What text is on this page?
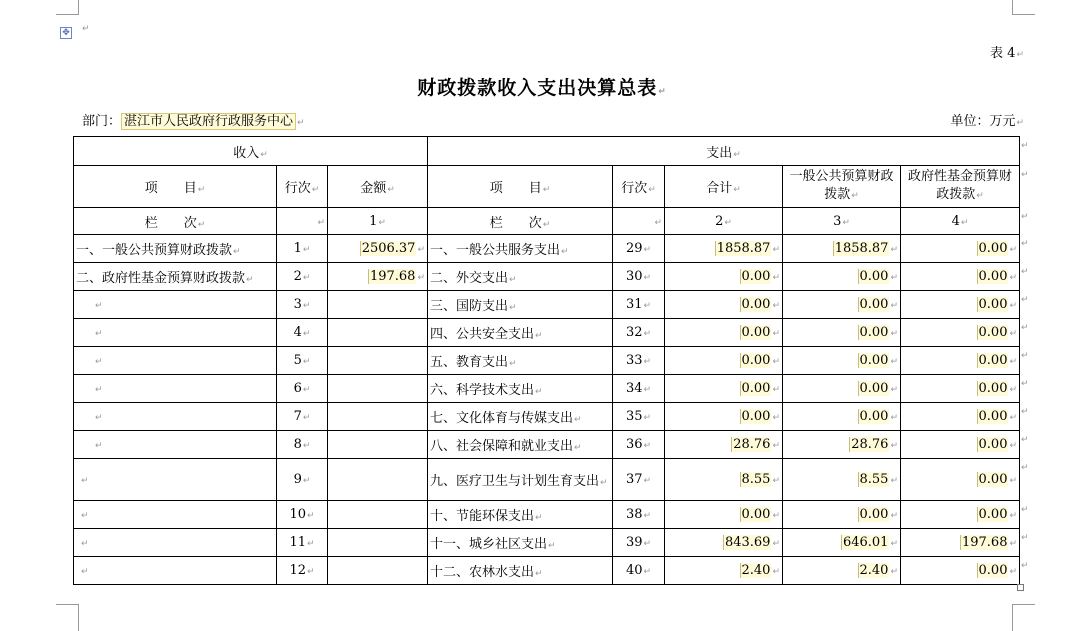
✥ ↵
表 4↵
财政拨款收入支出决算总表↵
部门： 湛江市人民政府行政服务中心 ↵	单位：万元↵
收入↵			支出↵				
项　　目↵	行次↵	金额↵	项　　目↵	行次↵	合计↵	一般公共预算财政拨款↵	政府性基金预算财政拨款↵
栏　　次↵	↵	1↵	栏　　次↵	↵	2↵	3↵	4↵
一、一般公共预算财政拨款↵	1↵	2506.37 ↵	一、一般公共服务支出↵	29↵	1858.87 ↵	1858.87 ↵	0.00 ↵
二、政府性基金预算财政拨款↵	2↵	197.68 ↵	二、外交支出↵	30↵	0.00 ↵	0.00 ↵	0.00 ↵
↵	3↵		三、国防支出↵	31↵	0.00 ↵	0.00 ↵	0.00 ↵
↵	4↵		四、公共安全支出↵	32↵	0.00 ↵	0.00 ↵	0.00 ↵
↵	5↵		五、教育支出↵	33↵	0.00 ↵	0.00 ↵	0.00 ↵
↵	6↵		六、科学技术支出↵	34↵	0.00 ↵	0.00 ↵	0.00 ↵
↵	7↵		七、文化体育与传媒支出↵	35↵	0.00 ↵	0.00 ↵	0.00 ↵
↵	8↵		八、社会保障和就业支出↵	36↵	28.76 ↵	28.76 ↵	0.00 ↵
↵	9↵		九、医疗卫生与计划生育支出↵	37↵	8.55 ↵	8.55 ↵	0.00 ↵
↵	10↵		十、节能环保支出↵	38↵	0.00 ↵	0.00 ↵	0.00 ↵
↵	11↵		十一、城乡社区支出↵	39↵	843.69 ↵	646.01 ↵	197.68 ↵
↵	12↵		十二、农林水支出↵	40↵	2.40 ↵	2.40 ↵	0.00 ↵
↵
↵
↵
↵
↵
↵
↵
↵
↵
↵
↵
↵
↵
↵
↵
